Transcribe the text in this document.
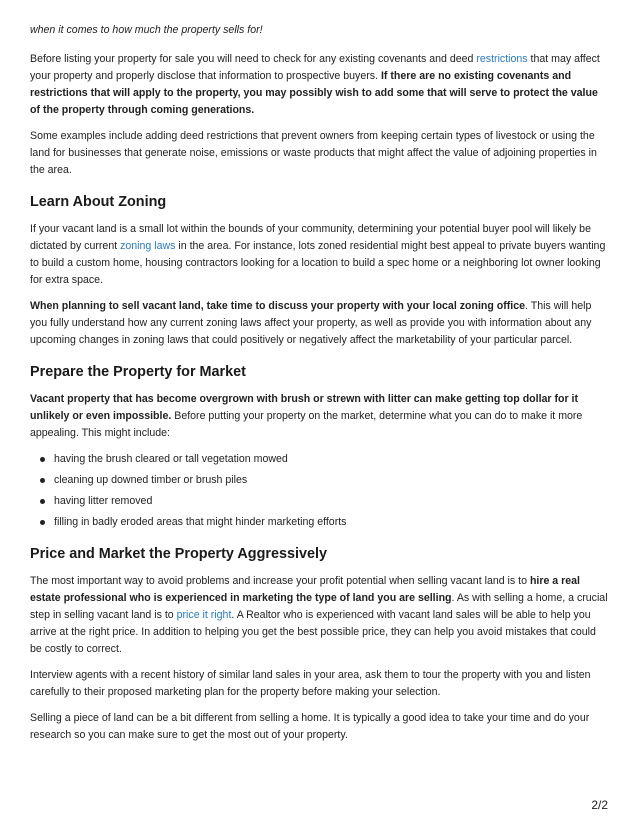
when it comes to how much the property sells for!

Before listing your property for sale you will need to check for any existing covenants and deed restrictions that may affect your property and properly disclose that information to prospective buyers. If there are no existing covenants and restrictions that will apply to the property, you may possibly wish to add some that will serve to protect the value of the property through coming generations.

Some examples include adding deed restrictions that prevent owners from keeping certain types of livestock or using the land for businesses that generate noise, emissions or waste products that might affect the value of adjoining properties in the area.

Learn About Zoning

If your vacant land is a small lot within the bounds of your community, determining your potential buyer pool will likely be dictated by current zoning laws in the area. For instance, lots zoned residential might best appeal to private buyers wanting to build a custom home, housing contractors looking for a location to build a spec home or a neighboring lot owner looking for extra space.

When planning to sell vacant land, take time to discuss your property with your local zoning office. This will help you fully understand how any current zoning laws affect your property, as well as provide you with information about any upcoming changes in zoning laws that could positively or negatively affect the marketability of your particular parcel.

Prepare the Property for Market

Vacant property that has become overgrown with brush or strewn with litter can make getting top dollar for it unlikely or even impossible. Before putting your property on the market, determine what you can do to make it more appealing. This might include:

having the brush cleared or tall vegetation mowed
cleaning up downed timber or brush piles
having litter removed
filling in badly eroded areas that might hinder marketing efforts
Price and Market the Property Aggressively

The most important way to avoid problems and increase your profit potential when selling vacant land is to hire a real estate professional who is experienced in marketing the type of land you are selling. As with selling a home, a crucial step in selling vacant land is to price it right. A Realtor who is experienced with vacant land sales will be able to help you arrive at the right price. In addition to helping you get the best possible price, they can help you avoid mistakes that could be costly to correct.

Interview agents with a recent history of similar land sales in your area, ask them to tour the property with you and listen carefully to their proposed marketing plan for the property before making your selection.

Selling a piece of land can be a bit different from selling a home. It is typically a good idea to take your time and do your research so you can make sure to get the most out of your property.

2/2
